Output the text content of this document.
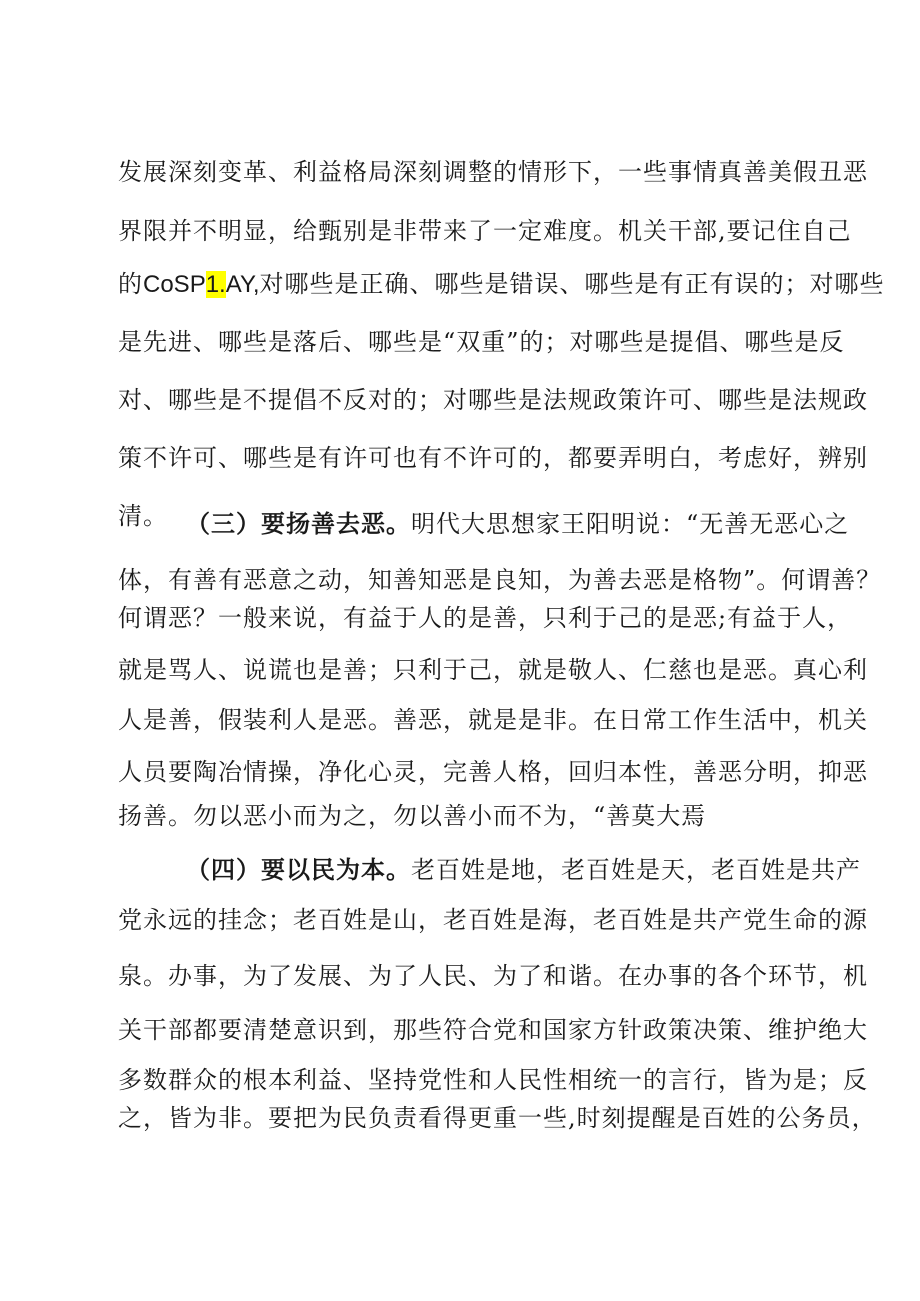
发展深刻变革、利益格局深刻调整的情形下，一些事情真善美假丑恶
界限并不明显，给甄别是非带来了一定难度。机关干部,要记住自己
的CoSP1.AY,对哪些是正确、哪些是错误、哪些是有正有误的；对哪些
是先进、哪些是落后、哪些是“双重”的；对哪些是提倡、哪些是反
对、哪些是不提倡不反对的；对哪些是法规政策许可、哪些是法规政
策不许可、哪些是有许可也有不许可的，都要弄明白，考虑好，辨别
清。 （三）要扬善去恶。明代大思想家王阳明说：“无善无恶心之
体，有善有恶意之动，知善知恶是良知，为善去恶是格物”。何谓善？
何谓恶？一般来说，有益于人的是善，只利于己的是恶;有益于人，
就是骂人、说谎也是善；只利于己，就是敬人、仁慈也是恶。真心利
人是善，假装利人是恶。善恶，就是是非。在日常工作生活中，机关
人员要陶冶情操，净化心灵，完善人格，回归本性，善恶分明，抑恶
扬善。勿以恶小而为之，勿以善小而不为，“善莫大焉
（四）要以民为本。老百姓是地，老百姓是天，老百姓是共产
党永远的挂念；老百姓是山，老百姓是海，老百姓是共产党生命的源
泉。办事，为了发展、为了人民、为了和谐。在办事的各个环节，机
关干部都要清楚意识到，那些符合党和国家方针政策决策、维护绝大
多数群众的根本利益、坚持党性和人民性相统一的言行，皆为是；反
之，皆为非。要把为民负责看得更重一些,时刻提醒是百姓的公务员，
